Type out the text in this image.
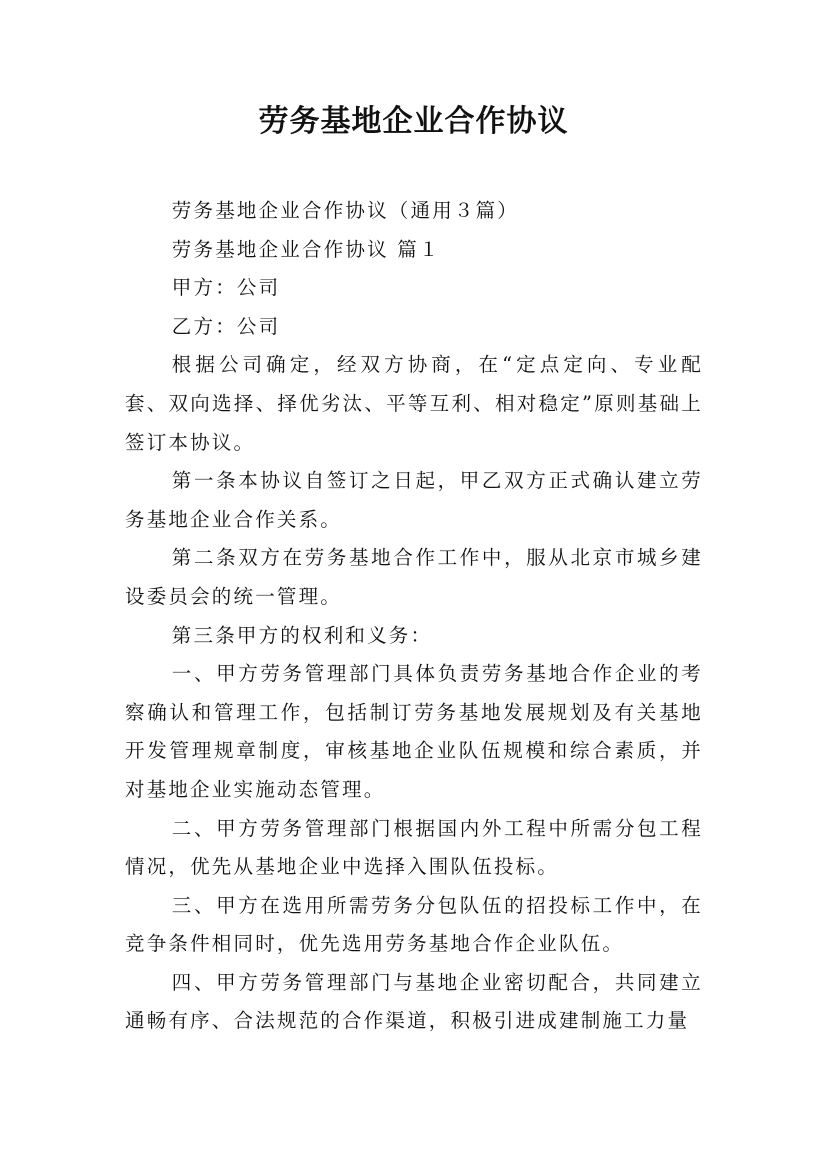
劳务基地企业合作协议

劳务基地企业合作协议（通用３篇）

劳务基地企业合作协议 篇１

甲方：公司

乙方：公司

根据公司确定，经双方协商，在“定点定向、专业配套、双向选择、择优劣汰、平等互利、相对稳定”原则基础上签订本协议。

第一条本协议自签订之日起，甲乙双方正式确认建立劳务基地企业合作关系。

第二条双方在劳务基地合作工作中，服从北京市城乡建设委员会的统一管理。

第三条甲方的权利和义务：

一、甲方劳务管理部门具体负责劳务基地合作企业的考察确认和管理工作，包括制订劳务基地发展规划及有关基地开发管理规章制度，审核基地企业队伍规模和综合素质，并对基地企业实施动态管理。

二、甲方劳务管理部门根据国内外工程中所需分包工程情况，优先从基地企业中选择入围队伍投标。

三、甲方在选用所需劳务分包队伍的招投标工作中，在竞争条件相同时，优先选用劳务基地合作企业队伍。

四、甲方劳务管理部门与基地企业密切配合，共同建立通畅有序、合法规范的合作渠道，积极引进成建制施工力量
